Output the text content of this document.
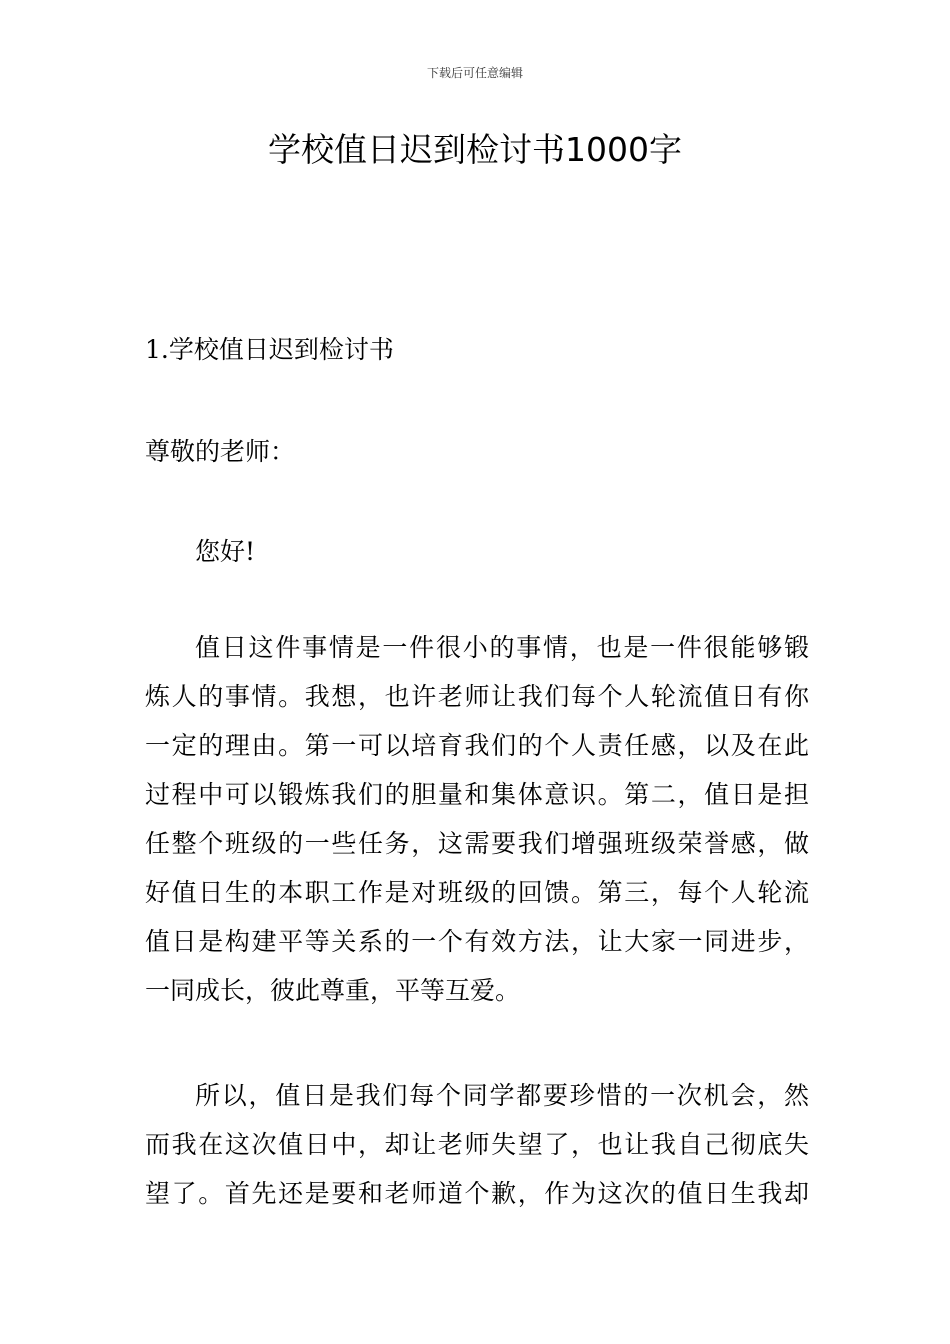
下载后可任意编辑
学校值日迟到检讨书1000字
1.学校值日迟到检讨书
尊敬的老师：
您好!
值日这件事情是一件很小的事情，也是一件很能够锻
炼人的事情。我想，也许老师让我们每个人轮流值日有你
一定的理由。第一可以培育我们的个人责任感，以及在此
过程中可以锻炼我们的胆量和集体意识。第二，值日是担
任整个班级的一些任务，这需要我们增强班级荣誉感，做
好值日生的本职工作是对班级的回馈。第三，每个人轮流
值日是构建平等关系的一个有效方法，让大家一同进步，
一同成长，彼此尊重，平等互爱。
所以，值日是我们每个同学都要珍惜的一次机会，然
而我在这次值日中，却让老师失望了，也让我自己彻底失
望了。首先还是要和老师道个歉，作为这次的值日生我却
